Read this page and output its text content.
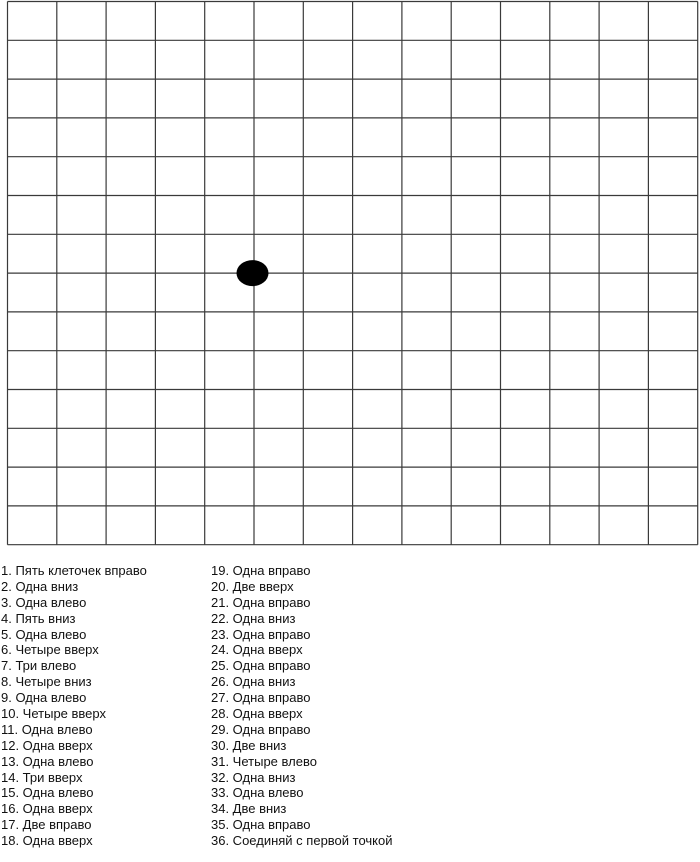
1. Пять клеточек вправо
2. Одна вниз
3. Одна влево
4. Пять вниз
5. Одна влево
6. Четыре вверх
7. Три влево
8. Четыре вниз
9. Одна влево
10. Четыре вверх
11. Одна влево
12. Одна вверх
13. Одна влево
14. Три вверх
15. Одна влево
16. Одна вверх
17. Две вправо
18. Одна вверх
19. Одна вправо
20. Две вверх
21. Одна вправо
22. Одна вниз
23. Одна вправо
24. Одна вверх
25. Одна вправо
26. Одна вниз
27. Одна вправо
28. Одна вверх
29. Одна вправо
30. Две вниз
31. Четыре влево
32. Одна вниз
33. Одна влево
34. Две вниз
35. Одна вправо
36. Соединяй с первой точкой
